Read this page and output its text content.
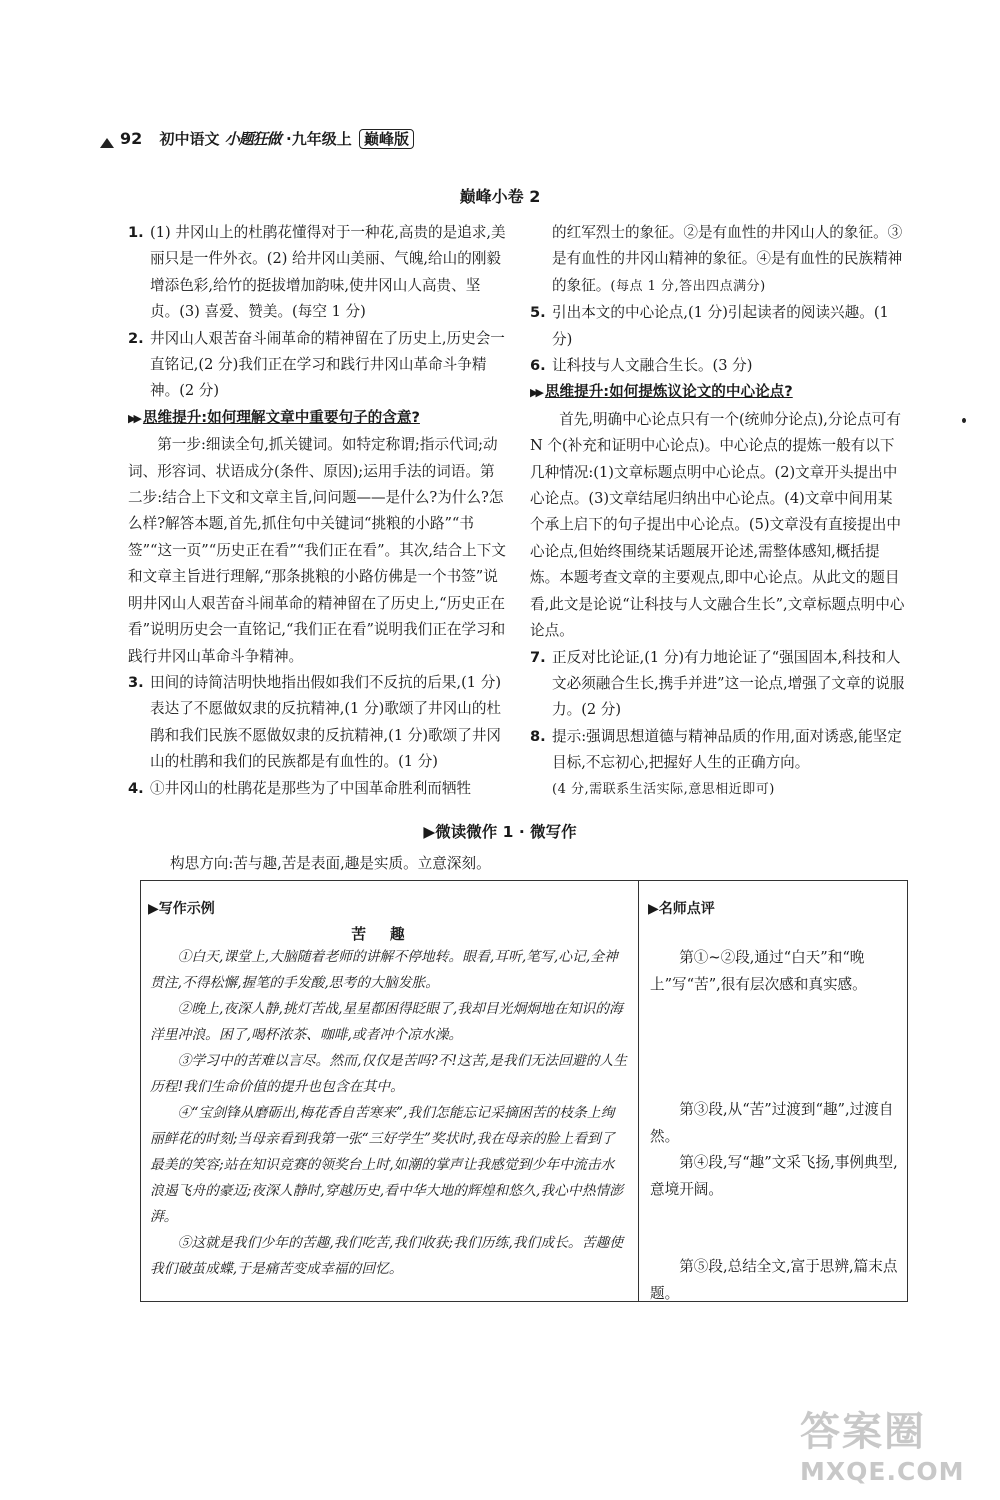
92 初中语文 小题狂做 ·九年级上 巅峰版
巅峰小卷 2
1. (1) 井冈山上的杜鹃花懂得对于一种花,高贵的是追求,美丽只是一件外衣。(2) 给井冈山美丽、气魄,给山的刚毅增添色彩,给竹的挺拔增加韵味,使井冈山人高贵、坚贞。(3) 喜爱、赞美。(每空 1 分)
2. 井冈山人艰苦奋斗闹革命的精神留在了历史上,历史会一直铭记,(2 分)我们正在学习和践行井冈山革命斗争精神。(2 分)
▶▶ 思维提升:如何理解文章中重要句子的含意?
第一步:细读全句,抓关键词。如特定称谓;指示代词;动词、形容词、状语成分(条件、原因);运用手法的词语。第二步:结合上下文和文章主旨,问问题——是什么?为什么?怎么样?解答本题,首先,抓住句中关键词“挑粮的小路”“书签”“这一页”“历史正在看”“我们正在看”。其次,结合上下文和文章主旨进行理解,“那条挑粮的小路仿佛是一个书签”说明井冈山人艰苦奋斗闹革命的精神留在了历史上,“历史正在看”说明历史会一直铭记,“我们正在看”说明我们正在学习和践行井冈山革命斗争精神。
3. 田间的诗简洁明快地指出假如我们不反抗的后果,(1 分)表达了不愿做奴隶的反抗精神,(1 分)歌颂了井冈山的杜鹃和我们民族不愿做奴隶的反抗精神,(1 分)歌颂了井冈山的杜鹃和我们的民族都是有血性的。(1 分)
4. ①井冈山的杜鹃花是那些为了中国革命胜利而牺牲
的红军烈士的象征。②是有血性的井冈山人的象征。③是有血性的井冈山精神的象征。④是有血性的民族精神的象征。(每点 1 分,答出四点满分)
5. 引出本文的中心论点,(1 分)引起读者的阅读兴趣。(1 分)
6. 让科技与人文融合生长。(3 分)
▶▶ 思维提升:如何提炼议论文的中心论点?
首先,明确中心论点只有一个(统帅分论点),分论点可有 N 个(补充和证明中心论点)。中心论点的提炼一般有以下几种情况:(1)文章标题点明中心论点。(2)文章开头提出中心论点。(3)文章结尾归纳出中心论点。(4)文章中间用某个承上启下的句子提出中心论点。(5)文章没有直接提出中心论点,但始终围绕某话题展开论述,需整体感知,概括提炼。本题考查文章的主要观点,即中心论点。从此文的题目看,此文是论说“让科技与人文融合生长”,文章标题点明中心论点。
7. 正反对比论证,(1 分)有力地论证了“强国固本,科技和人文必须融合生长,携手并进”这一论点,增强了文章的说服力。(2 分)
8. 提示:强调思想道德与精神品质的作用,面对诱惑,能坚定目标,不忘初心,把握好人生的正确方向。
(4 分,需联系生活实际,意思相近即可)
▶微读微作 1 · 微写作
构思方向:苦与趣,苦是表面,趣是实质。立意深刻。
▶写作示例	▶名师点评
苦趣

①白天,课堂上,大脑随着老师的讲解不停地转。眼看,耳听,笔写,心记,全神贯注,不得松懈,握笔的手发酸,思考的大脑发胀。

②晚上,夜深人静,挑灯苦战,星星都困得眨眼了,我却目光炯炯地在知识的海洋里冲浪。困了,喝杯浓茶、咖啡,或者冲个凉水澡。

③学习中的苦难以言尽。然而,仅仅是苦吗?不!这苦,是我们无法回避的人生历程!我们生命价值的提升也包含在其中。

④“宝剑锋从磨砺出,梅花香自苦寒来”,我们怎能忘记采摘困苦的枝条上绚丽鲜花的时刻;当母亲看到我第一张“三好学生”奖状时,我在母亲的脸上看到了最美的笑容;站在知识竞赛的领奖台上时,如潮的掌声让我感觉到少年中流击水浪遏飞舟的豪迈;夜深人静时,穿越历史,看中华大地的辉煌和悠久,我心中热情澎湃。

⑤这就是我们少年的苦趣,我们吃苦,我们收获;我们历练,我们成长。苦趣使我们破茧成蝶,于是痛苦变成幸福的回忆。

第①~②段,通过“白天”和“晚上”写“苦”,很有层次感和真实感。

第③段,从“苦”过渡到“趣”,过渡自然。

第④段,写“趣”文采飞扬,事例典型,意境开阔。

第⑤段,总结全文,富于思辨,篇末点题。

答案圈
MXQE.COM
